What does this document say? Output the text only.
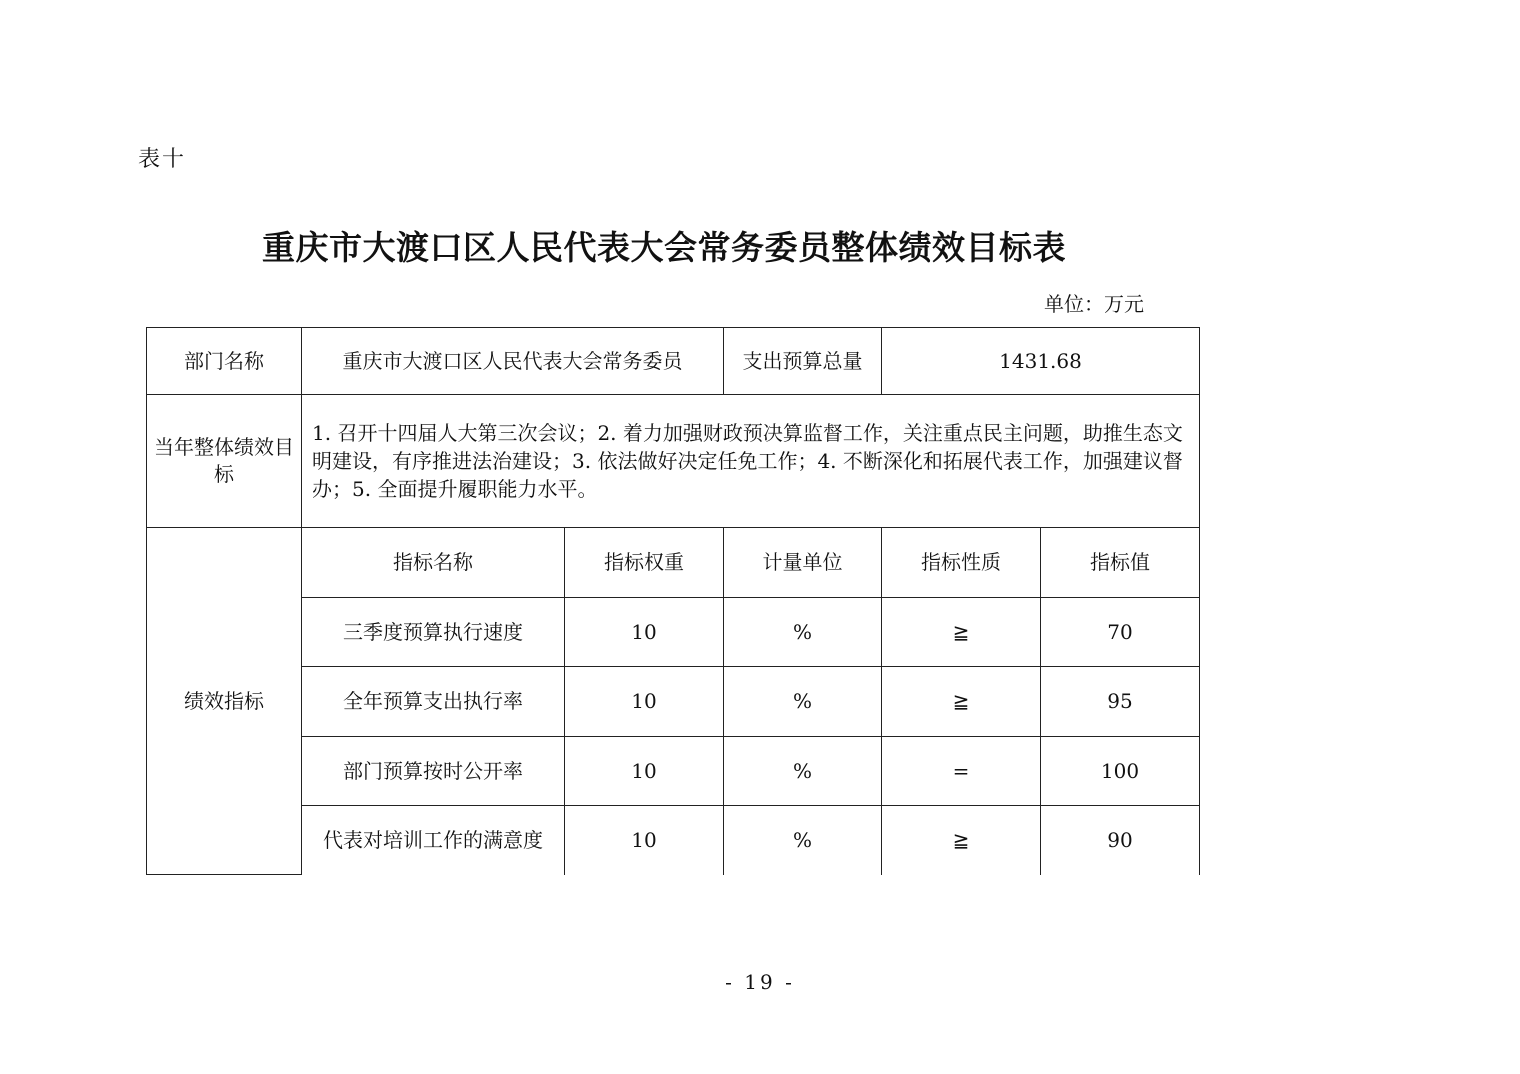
表十
重庆市大渡口区人民代表大会常务委员整体绩效目标表
单位：万元
部门名称	重庆市大渡口区人民代表大会常务委员		支出预算总量	1431.68	
当年整体绩效目标	1. 召开十四届人大第三次会议；2. 着力加强财政预决算监督工作，关注重点民主问题，助推生态文明建设，有序推进法治建设；3. 依法做好决定任免工作；4. 不断深化和拓展代表工作，加强建议督办；5. 全面提升履职能力水平。				
绩效指标	指标名称	指标权重	计量单位	指标性质	指标值
	三季度预算执行速度	10	%	≧	70
	全年预算支出执行率	10	%	≧	95
	部门预算按时公开率	10	%	=	100
	代表对培训工作的满意度	10	%	≧	90
- 19 -
